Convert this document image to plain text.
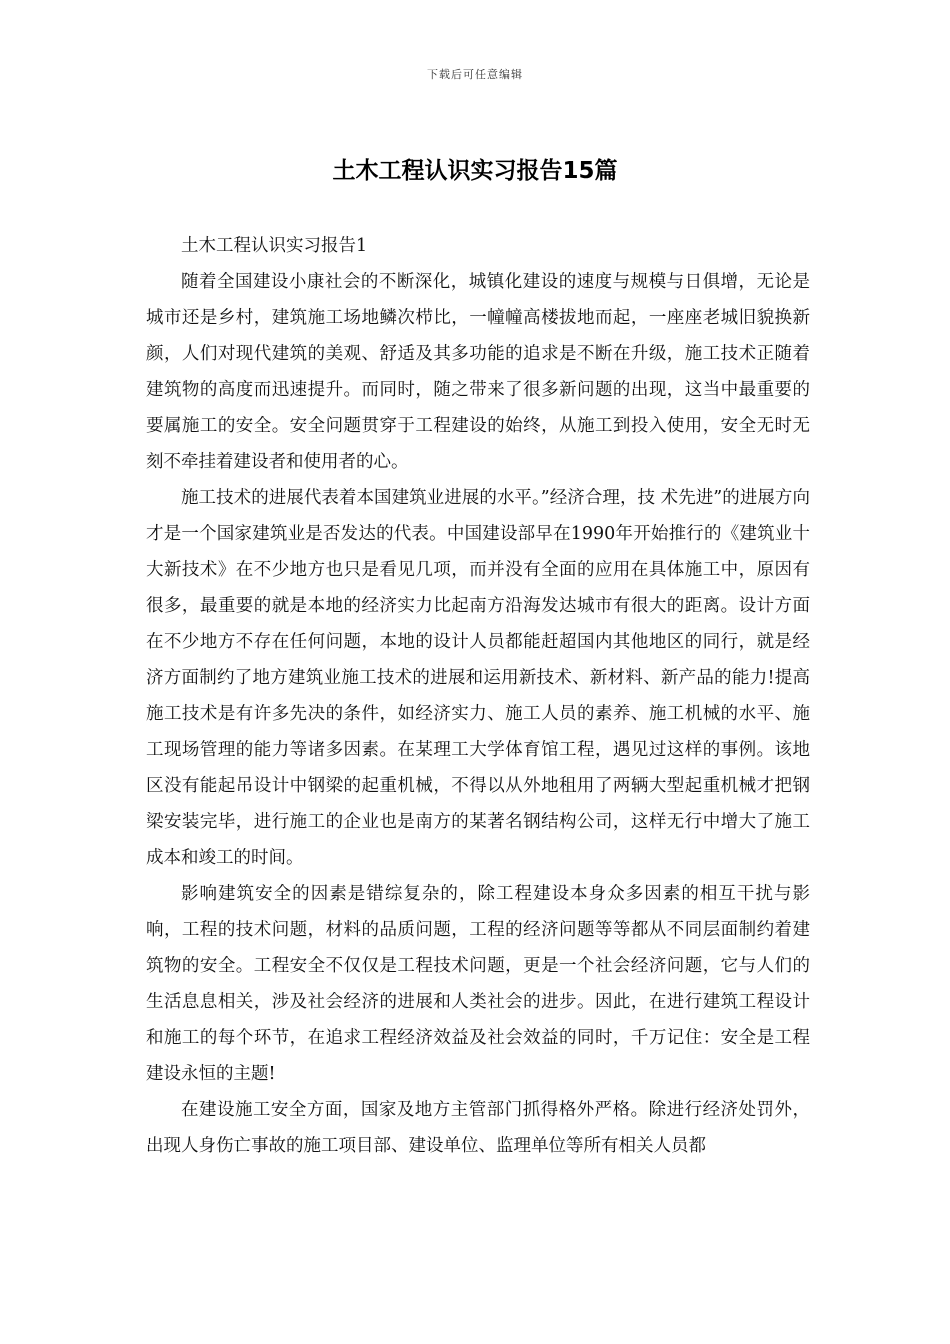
下载后可任意编辑
土木工程认识实习报告15篇

土木工程认识实习报告1

随着全国建设小康社会的不断深化，城镇化建设的速度与规模与日俱增，无论是城市还是乡村，建筑施工场地鳞次栉比，一幢幢高楼拔地而起，一座座老城旧貌换新颜，人们对现代建筑的美观、舒适及其多功能的追求是不断在升级，施工技术正随着建筑物的高度而迅速提升。而同时，随之带来了很多新问题的出现，这当中最重要的要属施工的安全。安全问题贯穿于工程建设的始终，从施工到投入使用，安全无时无刻不牵挂着建设者和使用者的心。

施工技术的进展代表着本国建筑业进展的水平。”经济合理，技 术先进”的进展方向才是一个国家建筑业是否发达的代表。中国建设部早在1990年开始推行的《建筑业十大新技术》在不少地方也只是看见几项，而并没有全面的应用在具体施工中，原因有很多，最重要的就是本地的经济实力比起南方沿海发达城市有很大的距离。设计方面在不少地方不存在任何问题，本地的设计人员都能赶超国内其他地区的同行，就是经济方面制约了地方建筑业施工技术的进展和运用新技术、新材料、新产品的能力!提高施工技术是有许多先决的条件，如经济实力、施工人员的素养、施工机械的水平、施工现场管理的能力等诸多因素。在某理工大学体育馆工程，遇见过这样的事例。该地区没有能起吊设计中钢梁的起重机械，不得以从外地租用了两辆大型起重机械才把钢梁安装完毕，进行施工的企业也是南方的某著名钢结构公司，这样无行中增大了施工成本和竣工的时间。

影响建筑安全的因素是错综复杂的，除工程建设本身众多因素的相互干扰与影响，工程的技术问题，材料的品质问题，工程的经济问题等等都从不同层面制约着建筑物的安全。工程安全不仅仅是工程技术问题，更是一个社会经济问题，它与人们的生活息息相关，涉及社会经济的进展和人类社会的进步。因此，在进行建筑工程设计和施工的每个环节，在追求工程经济效益及社会效益的同时，千万记住：安全是工程建设永恒的主题!

在建设施工安全方面，国家及地方主管部门抓得格外严格。除进行经济处罚外，出现人身伤亡事故的施工项目部、建设单位、监理单位等所有相关人员都
